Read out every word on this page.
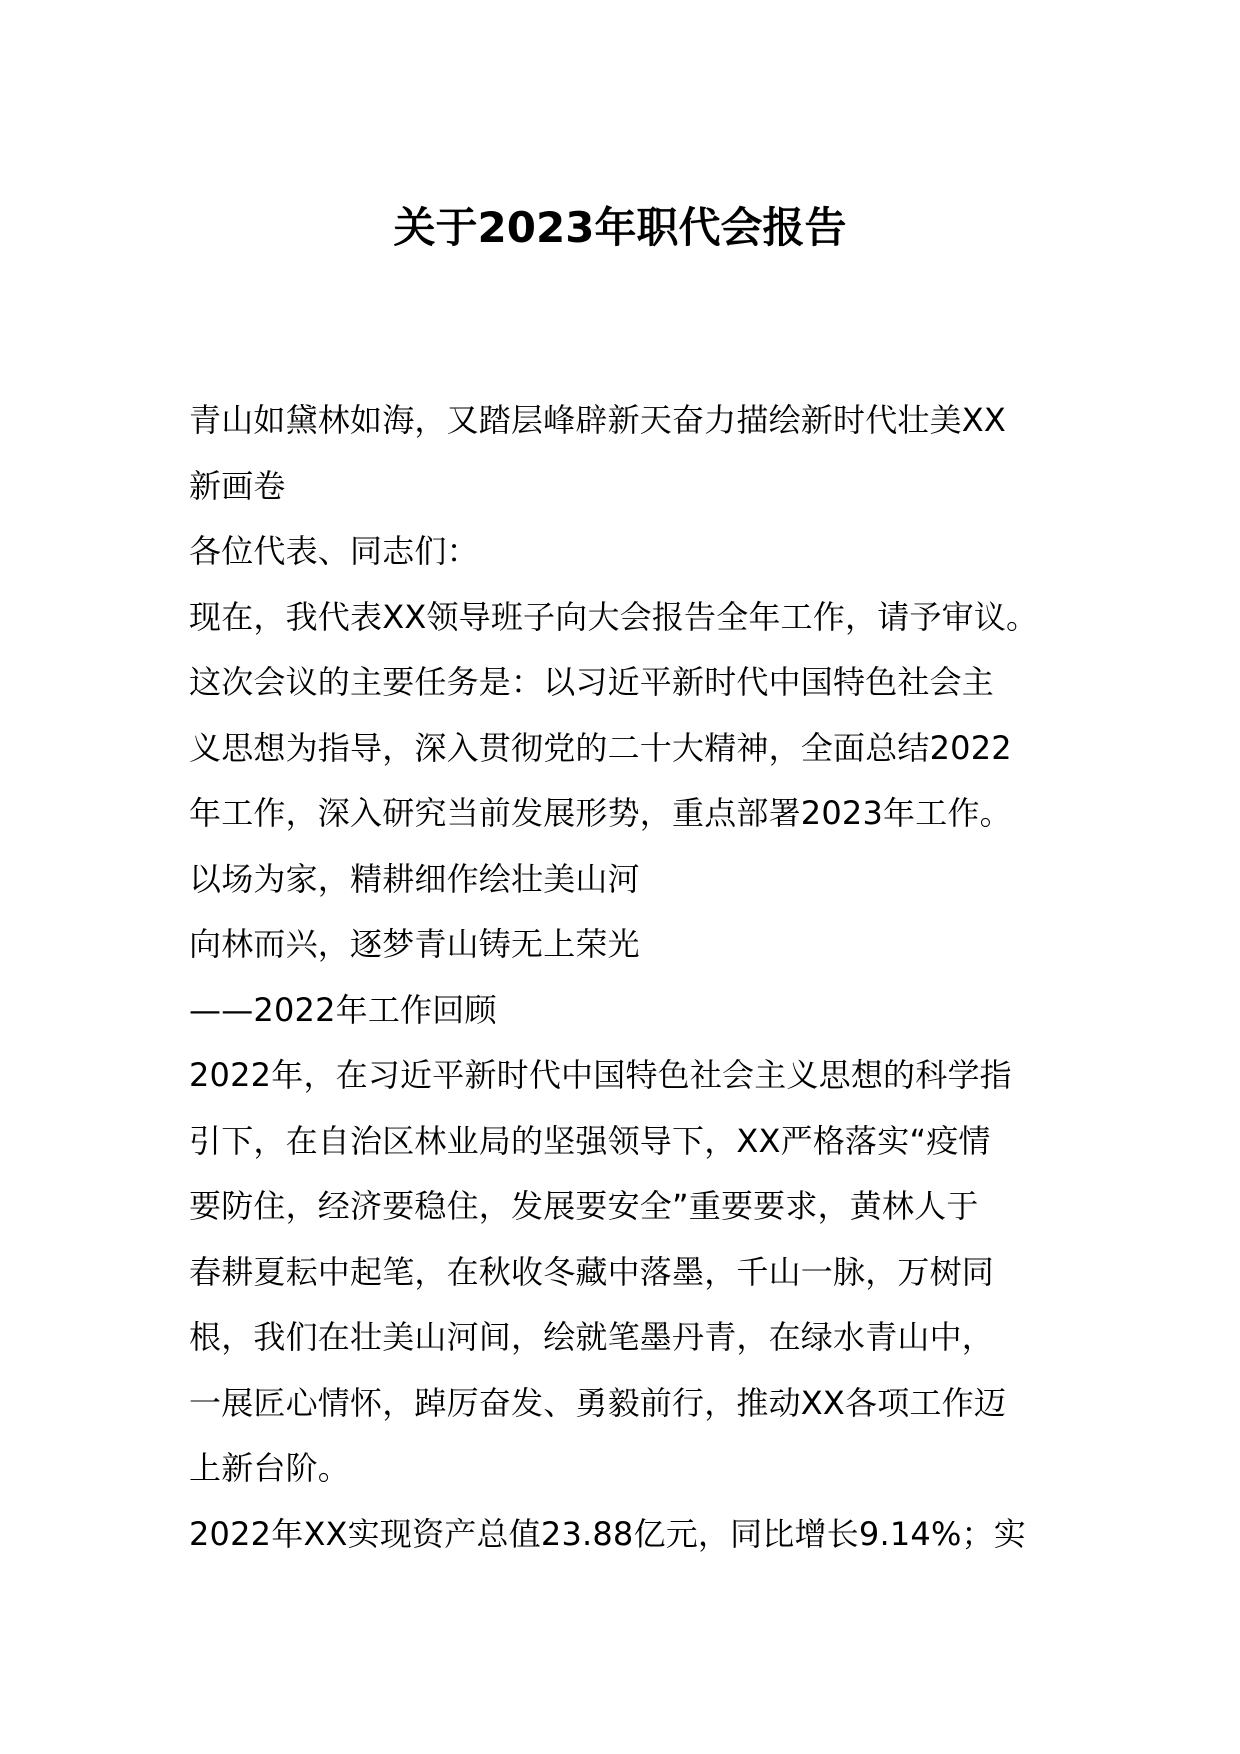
关于2023年职代会报告
青山如黛林如海，又踏层峰辟新天奋力描绘新时代壮美XX
新画卷
各位代表、同志们：
现在，我代表XX领导班子向大会报告全年工作，请予审议。
这次会议的主要任务是：以习近平新时代中国特色社会主
义思想为指导，深入贯彻党的二十大精神，全面总结2022
年工作，深入研究当前发展形势，重点部署2023年工作。
以场为家，精耕细作绘壮美山河
向林而兴，逐梦青山铸无上荣光
——2022年工作回顾
2022年，在习近平新时代中国特色社会主义思想的科学指
引下，在自治区林业局的坚强领导下，XX严格落实“疫情
要防住，经济要稳住，发展要安全”重要要求，黄林人于
春耕夏耘中起笔，在秋收冬藏中落墨，千山一脉，万树同
根，我们在壮美山河间，绘就笔墨丹青，在绿水青山中，
一展匠心情怀，踔厉奋发、勇毅前行，推动XX各项工作迈
上新台阶。
2022年XX实现资产总值23.88亿元，同比增长9.14%；实
